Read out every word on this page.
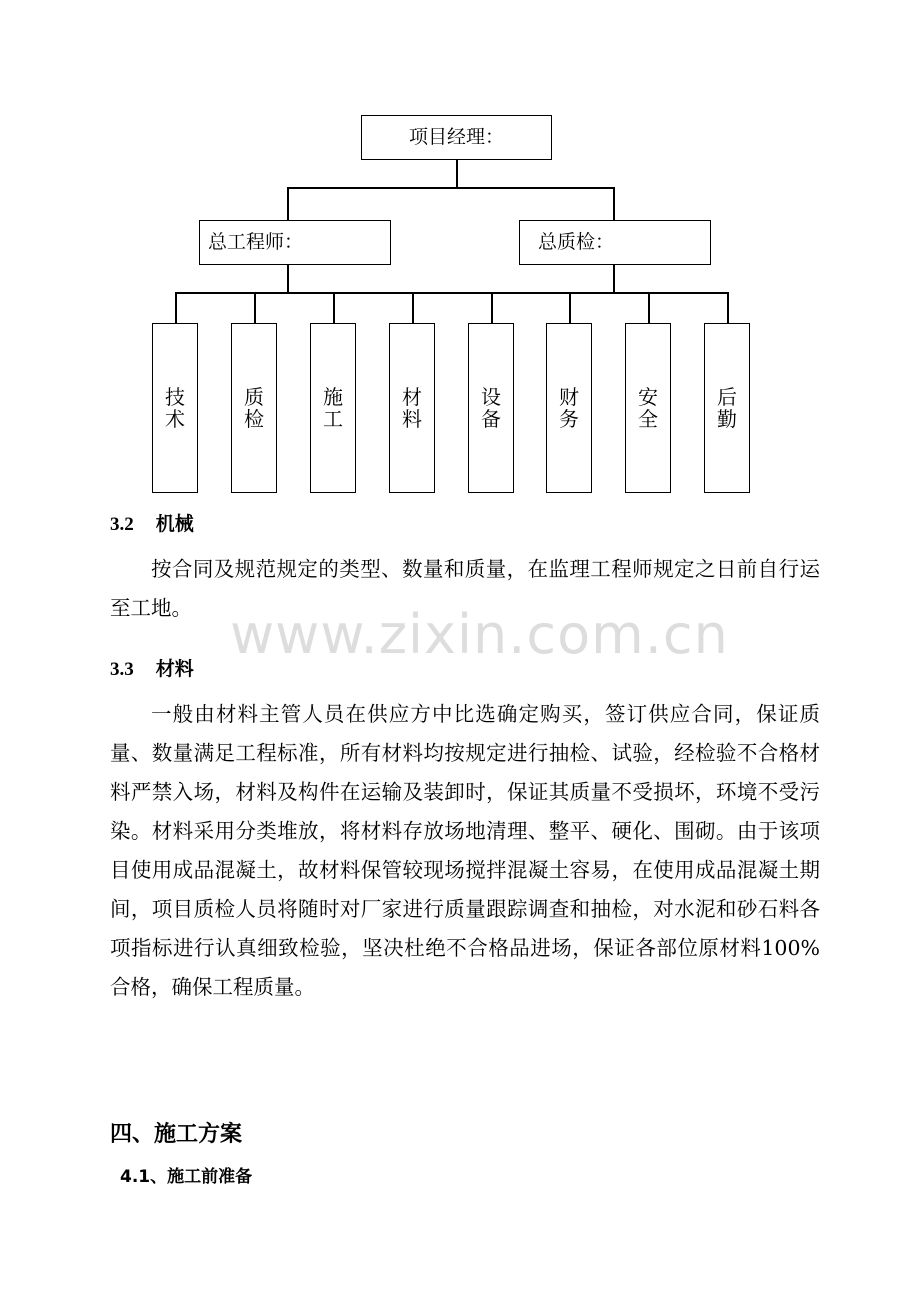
项目经理：
总工程师：	总质检：
技
术
质
检
施
工
材
料
设
备
财
务
安
全
后
勤
3.2 机械

按合同及规范规定的类型、数量和质量，在监理工程师规定之日前自行运至工地。

3.3 材料

一般由材料主管人员在供应方中比选确定购买，签订供应合同，保证质量、数量满足工程标准，所有材料均按规定进行抽检、试验，经检验不合格材料严禁入场，材料及构件在运输及装卸时，保证其质量不受损坏，环境不受污染。材料采用分类堆放，将材料存放场地清理、整平、硬化、围砌。由于该项目使用成品混凝土，故材料保管较现场搅拌混凝土容易，在使用成品混凝土期间，项目质检人员将随时对厂家进行质量跟踪调查和抽检，对水泥和砂石料各项指标进行认真细致检验，坚决杜绝不合格品进场，保证各部位原材料100%合格，确保工程质量。

四、施工方案
4.1、施工前准备
www.zixin.com.cn
